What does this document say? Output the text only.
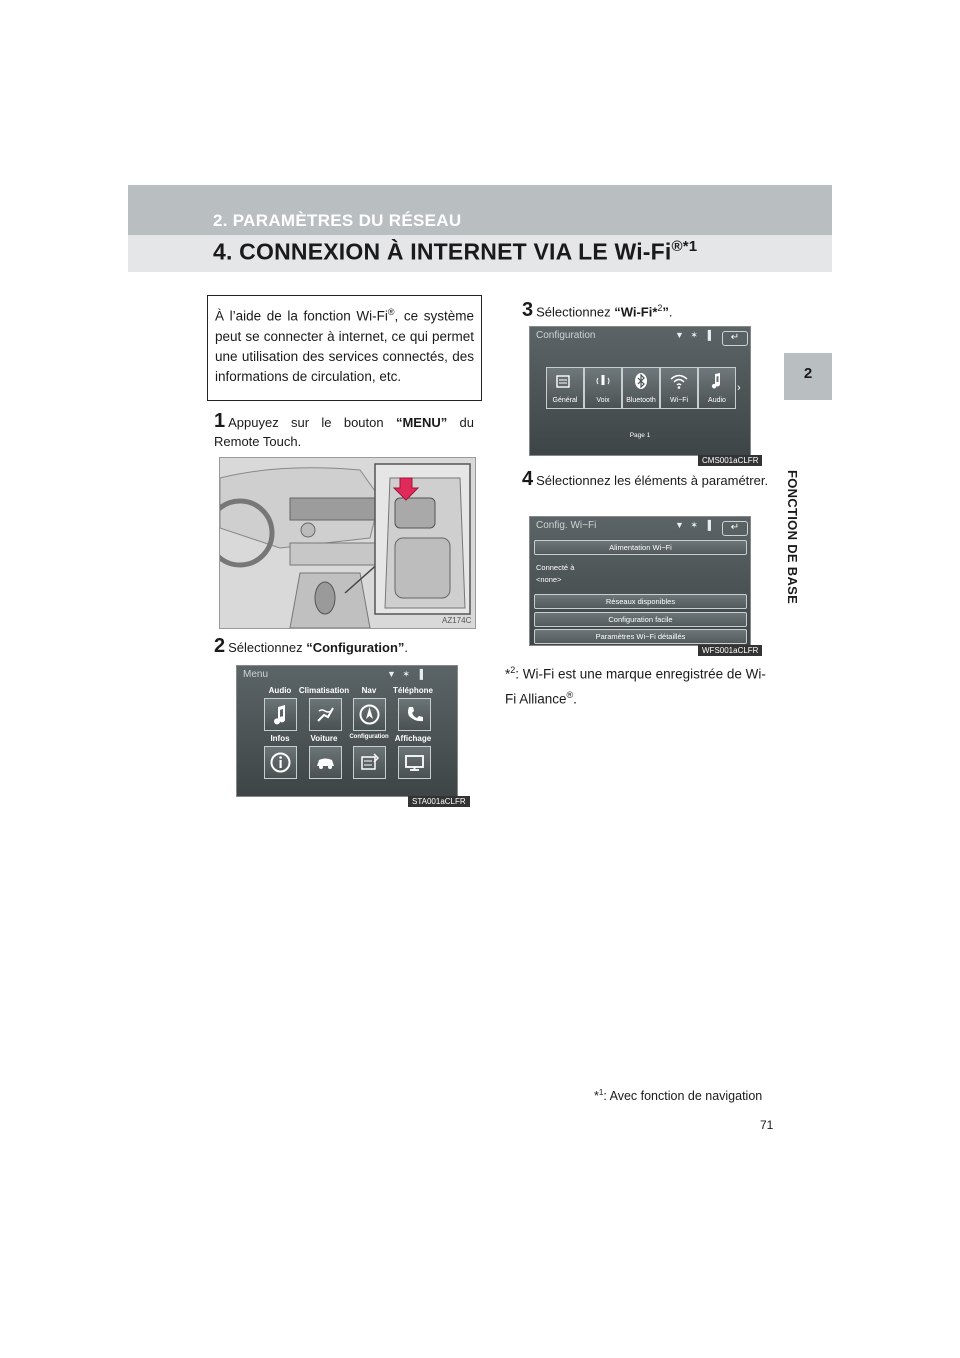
2. PARAMÈTRES DU RÉSEAU
4. CONNEXION À INTERNET VIA LE $Wi-Fi^{®*1}$
2
FONCTION DE BASE
À l’aide de la fonction Wi-Fi®, ce système peut se connecter à internet, ce qui permet une utilisation des services connectés, des informations de circulation, etc.
1 Appuyez sur le bouton “MENU” du Remote Touch.
AZ174C
2 Sélectionnez “Configuration”.
Menu	▼ ✶ ▐
Audio Climatisation	Nav	Téléphone
Infos	Voiture	Configuration Affichage
STA001aCLFR
3 Sélectionnez “Wi-Fi*$^2$”.
Configuration	▼ ✶ ▐	↵
Général	Voix	Bluetooth	Wi−Fi	Audio
›
Page 1
CMS001aCLFR
4 Sélectionnez les éléments à paramétrer.
Config. Wi−Fi	▼ ✶ ▐	↵
Alimentation Wi−Fi
Connecté à
<none>
Réseaux disponibles
Configuration facile
Paramètres Wi−Fi détaillés
WFS001aCLFR
*$^2$: Wi-Fi est une marque enregistrée de Wi-Fi Alliance®.
*$^1$: Avec fonction de navigation
71
